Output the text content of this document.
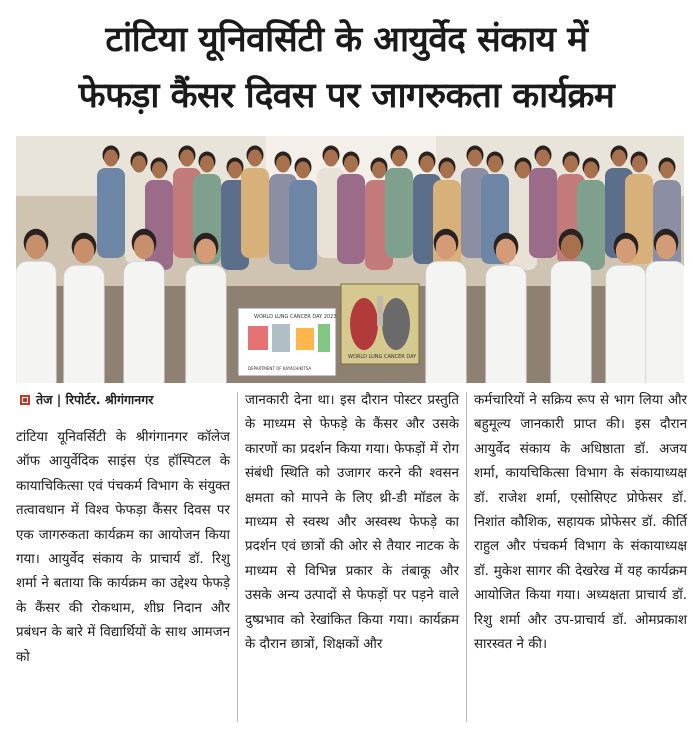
टांटिया यूनिवर्सिटी के आयुर्वेद संकाय में
फेफड़ा कैंसर दिवस पर जागरुकता कार्यक्रम
WORLD LUNG CANCER DAY 2023
DEPARTMENT OF KAYACHIKITSA
WORLD LUNG CANCER DAY
तेज | रिपोर्टर. श्रीगंगानगर

टांटिया यूनिवर्सिटी के श्रीगंगानगर कॉलेज ऑफ आयुर्वेदिक साइंस एंड हॉस्पिटल के कायाचिकित्सा एवं पंचकर्म विभाग के संयुक्त तत्वावधान में विश्व फेफड़ा कैंसर दिवस पर एक जागरुकता कार्यक्रम का आयोजन किया गया। आयुर्वेद संकाय के प्राचार्य डॉ. रिशु शर्मा ने बताया कि कार्यक्रम का उद्देश्य फेफड़े के कैंसर की रोकथाम, शीघ्र निदान और प्रबंधन के बारे में विद्यार्थियों के साथ आमजन को

जानकारी देना था। इस दौरान पोस्टर प्रस्तुति के माध्यम से फेफड़े के कैंसर और उसके कारणों का प्रदर्शन किया गया। फेफड़ों में रोग संबंधी स्थिति को उजागर करने की श्वसन क्षमता को मापने के लिए थ्री-डी मॉडल के माध्यम से स्वस्थ और अस्वस्थ फेफड़े का प्रदर्शन एवं छात्रों की ओर से तैयार नाटक के माध्यम से विभिन्न प्रकार के तंबाकू और उसके अन्य उत्पादों से फेफड़ों पर पड़ने वाले दुष्प्रभाव को रेखांकित किया गया। कार्यक्रम के दौरान छात्रों, शिक्षकों और

कर्मचारियों ने सक्रिय रूप से भाग लिया और बहुमूल्य जानकारी प्राप्त की। इस दौरान आयुर्वेद संकाय के अधिष्ठाता डॉ. अजय शर्मा, कायचिकित्सा विभाग के संकायाध्यक्ष डॉ. राजेश शर्मा, एसोसिएट प्रोफेसर डॉ. निशांत कौशिक, सहायक प्रोफेसर डॉ. कीर्ति राहुल और पंचकर्म विभाग के संकायाध्यक्ष डॉ. मुकेश सागर की देखरेख में यह कार्यक्रम आयोजित किया गया। अध्यक्षता प्राचार्य डॉ. रिशु शर्मा और उप-प्राचार्य डॉ. ओमप्रकाश सारस्वत ने की।
